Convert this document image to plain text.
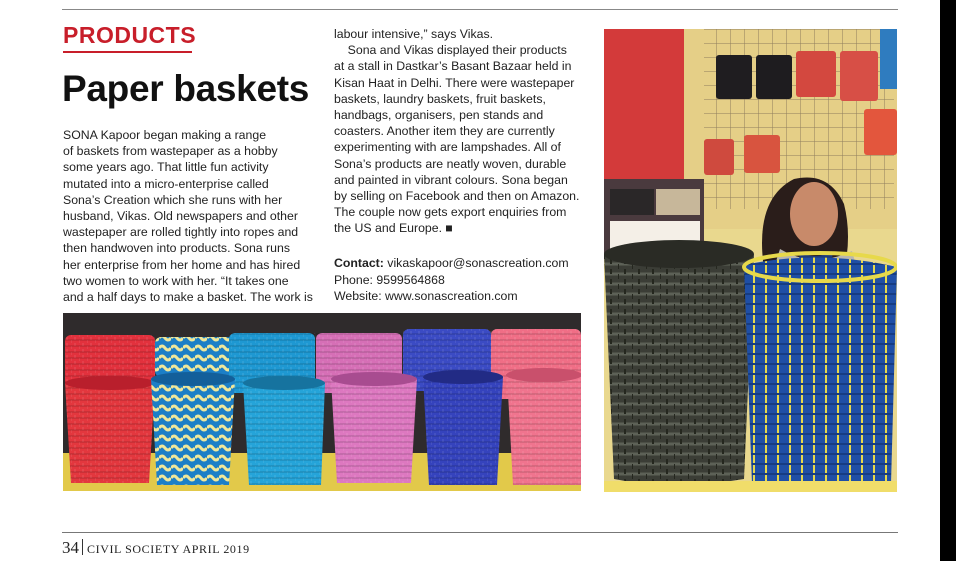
PRODUCTS
Paper baskets
SONA Kapoor began making a range
of baskets from wastepaper as a hobby
some years ago. That little fun activity
mutated into a micro-enterprise called
Sona’s Creation which she runs with her
husband, Vikas. Old newspapers and other
wastepaper are rolled tightly into ropes and
then handwoven into products. Sona runs
her enterprise from her home and has hired
two women to work with her. “It takes one
and a half days to make a basket. The work is
labour intensive,” says Vikas.
Sona and Vikas displayed their products
at a stall in Dastkar’s Basant Bazaar held in
Kisan Haat in Delhi. There were wastepaper
baskets, laundry baskets, fruit baskets,
handbags, organisers, pen stands and
coasters. Another item they are currently
experimenting with are lampshades. All of
Sona’s products are neatly woven, durable
and painted in vibrant colours. Sona began
by selling on Facebook and then on Amazon.
The couple now gets export enquiries from
the US and Europe. ■
Contact: vikaskapoor@sonascreation.com
Phone: 9599564868
Website: www.sonascreation.com
34 CIVIL SOCIETY APRIL 2019
